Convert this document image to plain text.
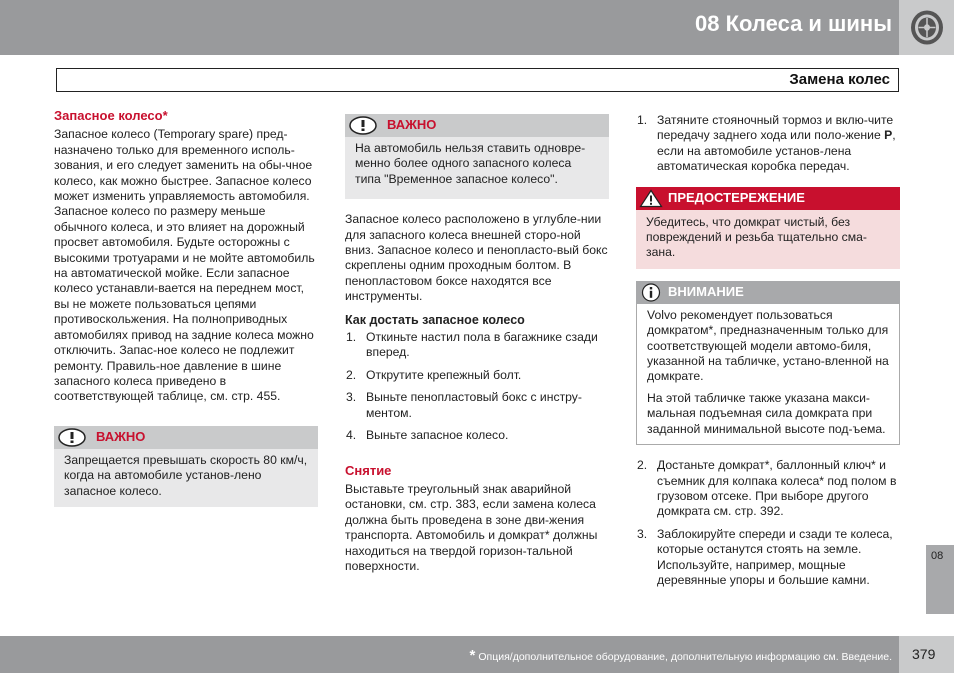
08 Колеса и шины
Замена колес
Запасное колесо*

Запасное колесо (Temporary spare) пред-назначено только для временного исполь-зования, и его следует заменить на обы-чное колесо, как можно быстрее. Запасное колесо может изменить управляемость автомобиля. Запасное колесо по размеру меньше обычного колеса, и это влияет на дорожный просвет автомобиля. Будьте осторожны с высокими тротуарами и не мойте автомобиль на автоматической мойке. Если запасное колесо устанавли-вается на переднем мост, вы не можете пользоваться цепями противоскольжения. На полноприводных автомобилях привод на задние колеса можно отключить. Запас-ное колесо не подлежит ремонту. Правиль-ное давление в шине запасного колеса приведено в соответствующей таблице, см. стр. 455.

ВАЖНО
Запрещается превышать скорость 80 км/ч, когда на автомобиле установ-лено запасное колесо.
ВАЖНО
На автомобиль нельзя ставить одновре-менно более одного запасного колеса типа "Временное запасное колесо".

Запасное колесо расположено в углубле-нии для запасного колеса внешней сторо-ной вниз. Запасное колесо и пенопласто-вый бокс скреплены одним проходным болтом. В пенопластовом боксе находятся все инструменты.

Как достать запасное колесо
1. Откиньте настил пола в багажнике сзади вперед.
2. Открутите крепежный болт.
3. Выньте пенопластовый бокс с инстру-ментом.
4. Выньте запасное колесо.
Снятие

Выставьте треугольный знак аварийной остановки, см. стр. 383, если замена колеса должна быть проведена в зоне дви-жения транспорта. Автомобиль и домкрат* должны находиться на твердой горизон-тальной поверхности.

1. Затяните стояночный тормоз и вклю-чите передачу заднего хода или поло-жение P, если на автомобиле установ-лена автоматическая коробка передач.
ПРЕДОСТЕРЕЖЕНИЕ
Убедитесь, что домкрат чистый, без повреждений и резьба тщательно сма-зана.
ВНИМАНИЕ

Volvo рекомендует пользоваться домкратом*, предназначенным только для соответствующей модели автомо-биля, указанной на табличке, устано-вленной на домкрате.

На этой табличке также указана макси-мальная подъемная сила домкрата при заданной минимальной высоте под-ъема.

2. Достаньте домкрат*, баллонный ключ* и съемник для колпака колеса* под полом в грузовом отсеке. При выборе другого домкрата см. стр. 392.
3. Заблокируйте спереди и сзади те колеса, которые останутся стоять на земле. Используйте, например, мощные деревянные упоры и большие камни.
08
* Опция/дополнительное оборудование, дополнительную информацию см. Введение. 379
